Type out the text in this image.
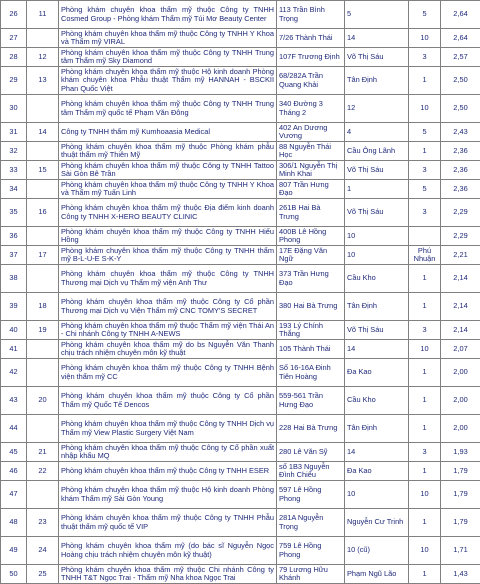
26	11	Phòng khám chuyên khoa thẩm mỹ thuộc Công ty TNHH Cosmed Group - Phòng khám Thẩm mỹ Túi Mơ Beauty Center	113 Trần Bình Trọng	5	5	2,64
27		Phòng khám chuyên khoa thẩm mỹ thuộc Công ty TNHH Y Khoa và Thẩm mỹ VIRAL	7/26 Thành Thái	14	10	2,64
28	12	Phòng khám chuyên khoa thẩm mỹ thuộc Công ty TNHH Trung tâm Thẩm mỹ Sky Diamond	107F Trương Định	Võ Thị Sáu	3	2,57
29	13	Phòng khám chuyên khoa thẩm mỹ thuộc Hộ kinh doanh Phòng khám chuyên khoa Phẫu thuật Thẩm mỹ HANNAH - BSCKII Phan Quốc Việt	68/282A Trần Quang Khải	Tân Định	1	2,50
30		Phòng khám chuyên khoa thẩm mỹ thuộc Công ty TNHH Trung tâm Thẩm mỹ quốc tế Phạm Văn Đông	340 Đường 3 Tháng 2	12	10	2,50
31	14	Công ty TNHH thẩm mỹ Kumhoaasia Medical	402 An Dương Vương	4	5	2,43
32		Phòng khám chuyên khoa thẩm mỹ thuộc Phòng khám phẫu thuật thẩm mỹ Thiên Mỹ	88 Nguyễn Thái Học	Cầu Ông Lãnh	1	2,36
33	15	Phòng khám chuyên khoa thẩm mỹ thuộc Công ty TNHH Tattoo Sài Gòn Bê Trần	306/1 Nguyễn Thị Minh Khai	Võ Thị Sáu	3	2,36
34		Phòng khám chuyên khoa thẩm mỹ thuộc Công ty TNHH Y Khoa và Thẩm mỹ Tuấn Linh	807 Trần Hưng Đạo	1	5	2,36
35	16	Phòng khám chuyên khoa thẩm mỹ thuộc Địa điểm kinh doanh Công ty TNHH X-HERO BEAUTY CLINIC	261B Hai Bà Trưng	Võ Thị Sáu	3	2,29
36		Phòng khám chuyên khoa thẩm mỹ thuộc Công ty TNHH Hiếu Hồng	400B Lê Hồng Phong	10		2,29
37	17	Phòng khám chuyên khoa thẩm mỹ thuộc Công ty TNHH thẩm mỹ B-L-U-E S-K-Y	17E Đặng Văn Ngữ	10	Phú Nhuận	2,21
38		Phòng khám chuyên khoa thẩm mỹ thuộc Công ty TNHH Thương mại Dịch vụ Thẩm mỹ viện Anh Thư	373 Trần Hưng Đạo	Cầu Kho	1	2,14
39	18	Phòng khám chuyên khoa thẩm mỹ thuộc Công ty Cổ phần Thương mại Dịch vụ Viện Thẩm mỹ CNC TOMY'S SECRET	380 Hai Bà Trưng	Tân Định	1	2,14
40	19	Phòng khám chuyên khoa thẩm mỹ thuộc Thẩm mỹ viện Thái An - Chi nhánh Công ty TNHH A-NEWS	193 Lý Chính Thắng	Võ Thị Sáu	3	2,14
41		Phòng khám chuyên khoa thẩm mỹ do bs Nguyễn Văn Thanh chịu trách nhiệm chuyên môn kỹ thuật	105 Thành Thái	14	10	2,07
42		Phòng khám chuyên khoa thẩm mỹ thuộc Công ty TNHH Bệnh viện thẩm mỹ CC	Số 16-16A Đinh Tiên Hoàng	Đa Kao	1	2,00
43	20	Phòng khám chuyên khoa thẩm mỹ thuộc Công ty Cổ phần Thẩm mỹ Quốc Tế Dencos	559-561 Trần Hưng Đạo	Cầu Kho	1	2,00
44		Phòng khám chuyên khoa thẩm mỹ thuộc Công ty TNHH Dịch vụ Thẩm mỹ View Plastic Surgery Việt Nam	228 Hai Bà Trưng	Tân Định	1	2,00
45	21	Phòng khám chuyên khoa thẩm mỹ thuộc Công ty Cổ phần xuất nhập khẩu MQ	280 Lê Văn Sỹ	14	3	1,93
46	22	Phòng khám chuyên khoa thẩm mỹ thuộc Công ty TNHH ESER	số 1B3 Nguyễn Đình Chiểu	Đa Kao	1	1,79
47		Phòng khám chuyên khoa thẩm mỹ thuộc Hộ kinh doanh Phòng khám Thẩm mỹ Sài Gòn Young	597 Lê Hồng Phong	10	10	1,79
48	23	Phòng khám chuyên khoa thẩm mỹ thuộc Công ty TNHH Phẫu thuật thẩm mỹ quốc tế VIP	281A Nguyễn Trọng	Nguyễn Cư Trinh	1	1,79
49	24	Phòng khám chuyên khoa thẩm mỹ (do bác sĩ Nguyễn Ngọc Hoàng chịu trách nhiệm chuyên môn kỹ thuật)	759 Lê Hồng Phong	10 (cũ)	10	1,71
50	25	Phòng khám chuyên khoa thẩm mỹ thuộc Chi nhánh Công ty TNHH T&T Ngọc Trai - Thẩm mỹ Nha khoa Ngọc Trai	79 Lương Hữu Khánh	Phạm Ngũ Lão	1	1,43
